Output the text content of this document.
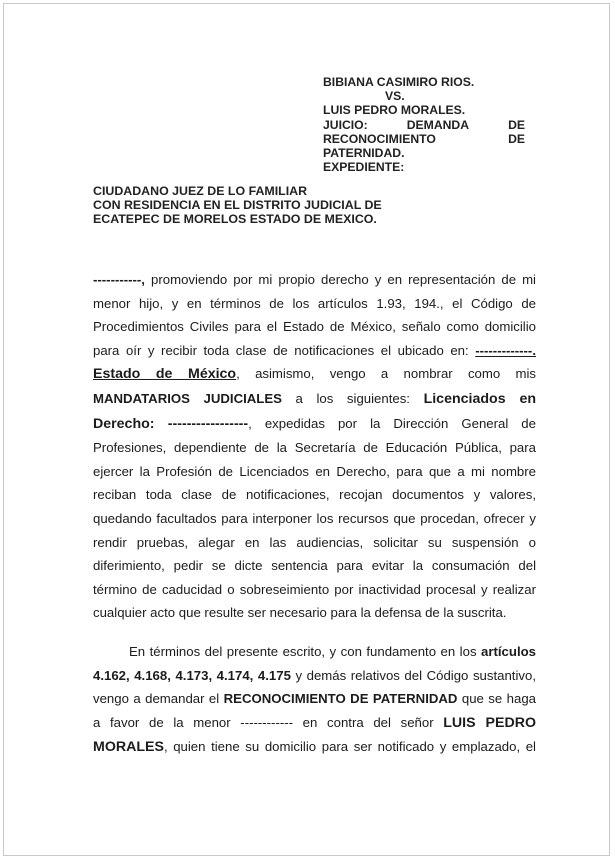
BIBIANA CASIMIRO RIOS.
VS.
LUIS PEDRO MORALES.
JUICIO:	DEMANDA	DE
RECONOCIMIENTO	DE
PATERNIDAD.
EXPEDIENTE:
CIUDADANO JUEZ DE LO FAMILIAR
CON RESIDENCIA EN EL DISTRITO JUDICIAL DE
ECATEPEC DE MORELOS ESTADO DE MEXICO.
-----------, promoviendo por mi propio derecho y en representación de mi
menor hijo, y en términos de los artículos 1.93, 194., el Código de
Procedimientos Civiles para el Estado de México, señalo como domicilio
para oír y recibir toda clase de notificaciones el ubicado en: -------------.
Estado de México, asimismo, vengo a nombrar como mis
MANDATARIOS JUDICIALES a los siguientes: Licenciados en
Derecho: -----------------, expedidas por la Dirección General de
Profesiones, dependiente de la Secretaría de Educación Pública, para
ejercer la Profesión de Licenciados en Derecho, para que a mi nombre
reciban toda clase de notificaciones, recojan documentos y valores,
quedando facultados para interponer los recursos que procedan, ofrecer y
rendir pruebas, alegar en las audiencias, solicitar su suspensión o
diferimiento, pedir se dicte sentencia para evitar la consumación del
término de caducidad o sobreseimiento por inactividad procesal y realizar
cualquier acto que resulte ser necesario para la defensa de la suscrita.
En términos del presente escrito, y con fundamento en los artículos
4.162, 4.168, 4.173, 4.174, 4.175 y demás relativos del Código sustantivo,
vengo a demandar el RECONOCIMIENTO DE PATERNIDAD que se haga
a favor de la menor ------------ en contra del señor LUIS PEDRO
MORALES, quien tiene su domicilio para ser notificado y emplazado, el
